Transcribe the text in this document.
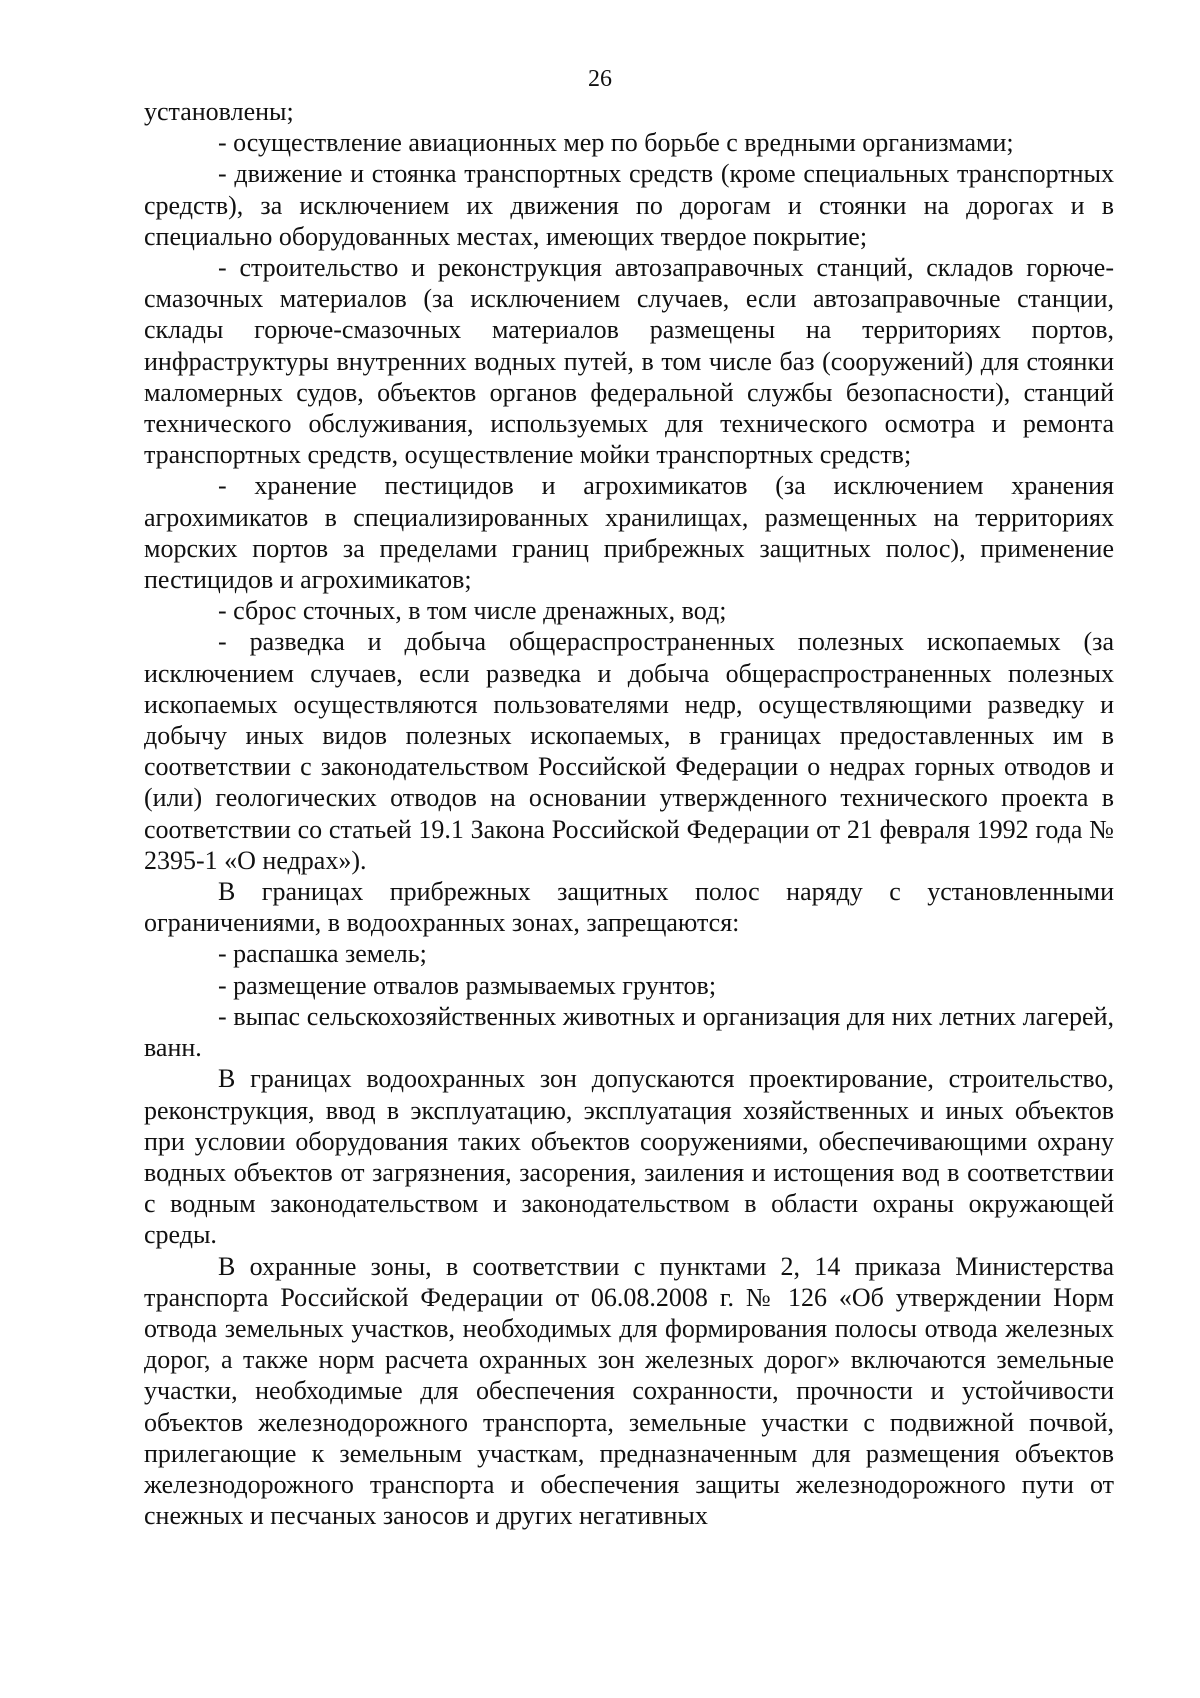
26

установлены;

- осуществление авиационных мер по борьбе с вредными организмами;

- движение и стоянка транспортных средств (кроме специальных транспортных средств), за исключением их движения по дорогам и стоянки на дорогах и в специально оборудованных местах, имеющих твердое покрытие;

- строительство и реконструкция автозаправочных станций, складов горюче-смазочных материалов (за исключением случаев, если автозаправочные станции, склады горюче-смазочных материалов размещены на территориях портов, инфраструктуры внутренних водных путей, в том числе баз (сооружений) для стоянки маломерных судов, объектов органов федеральной службы безопасности), станций технического обслуживания, используемых для технического осмотра и ремонта транспортных средств, осуществление мойки транспортных средств;

- хранение пестицидов и агрохимикатов (за исключением хранения агрохимикатов в специализированных хранилищах, размещенных на территориях морских портов за пределами границ прибрежных защитных полос), применение пестицидов и агрохимикатов;

- сброс сточных, в том числе дренажных, вод;

- разведка и добыча общераспространенных полезных ископаемых (за исключением случаев, если разведка и добыча общераспространенных полезных ископаемых осуществляются пользователями недр, осуществляющими разведку и добычу иных видов полезных ископаемых, в границах предоставленных им в соответствии с законодательством Российской Федерации о недрах горных отводов и (или) геологических отводов на основании утвержденного технического проекта в соответствии со статьей 19.1 Закона Российской Федерации от 21 февраля 1992 года № 2395-1 «О недрах»).

В границах прибрежных защитных полос наряду с установленными ограничениями, в водоохранных зонах, запрещаются:

- распашка земель;

- размещение отвалов размываемых грунтов;

- выпас сельскохозяйственных животных и организация для них летних лагерей, ванн.

В границах водоохранных зон допускаются проектирование, строительство, реконструкция, ввод в эксплуатацию, эксплуатация хозяйственных и иных объектов при условии оборудования таких объектов сооружениями, обеспечивающими охрану водных объектов от загрязнения, засорения, заиления и истощения вод в соответствии с водным законодательством и законодательством в области охраны окружающей среды.

В охранные зоны, в соответствии с пунктами 2, 14 приказа Министерства транспорта Российской Федерации от 06.08.2008 г. № 126 «Об утверждении Норм отвода земельных участков, необходимых для формирования полосы отвода железных дорог, а также норм расчета охранных зон железных дорог» включаются земельные участки, необходимые для обеспечения сохранности, прочности и устойчивости объектов железнодорожного транспорта, земельные участки с подвижной почвой, прилегающие к земельным участкам, предназначенным для размещения объектов железнодорожного транспорта и обеспечения защиты железнодорожного пути от снежных и песчаных заносов и других негативных
